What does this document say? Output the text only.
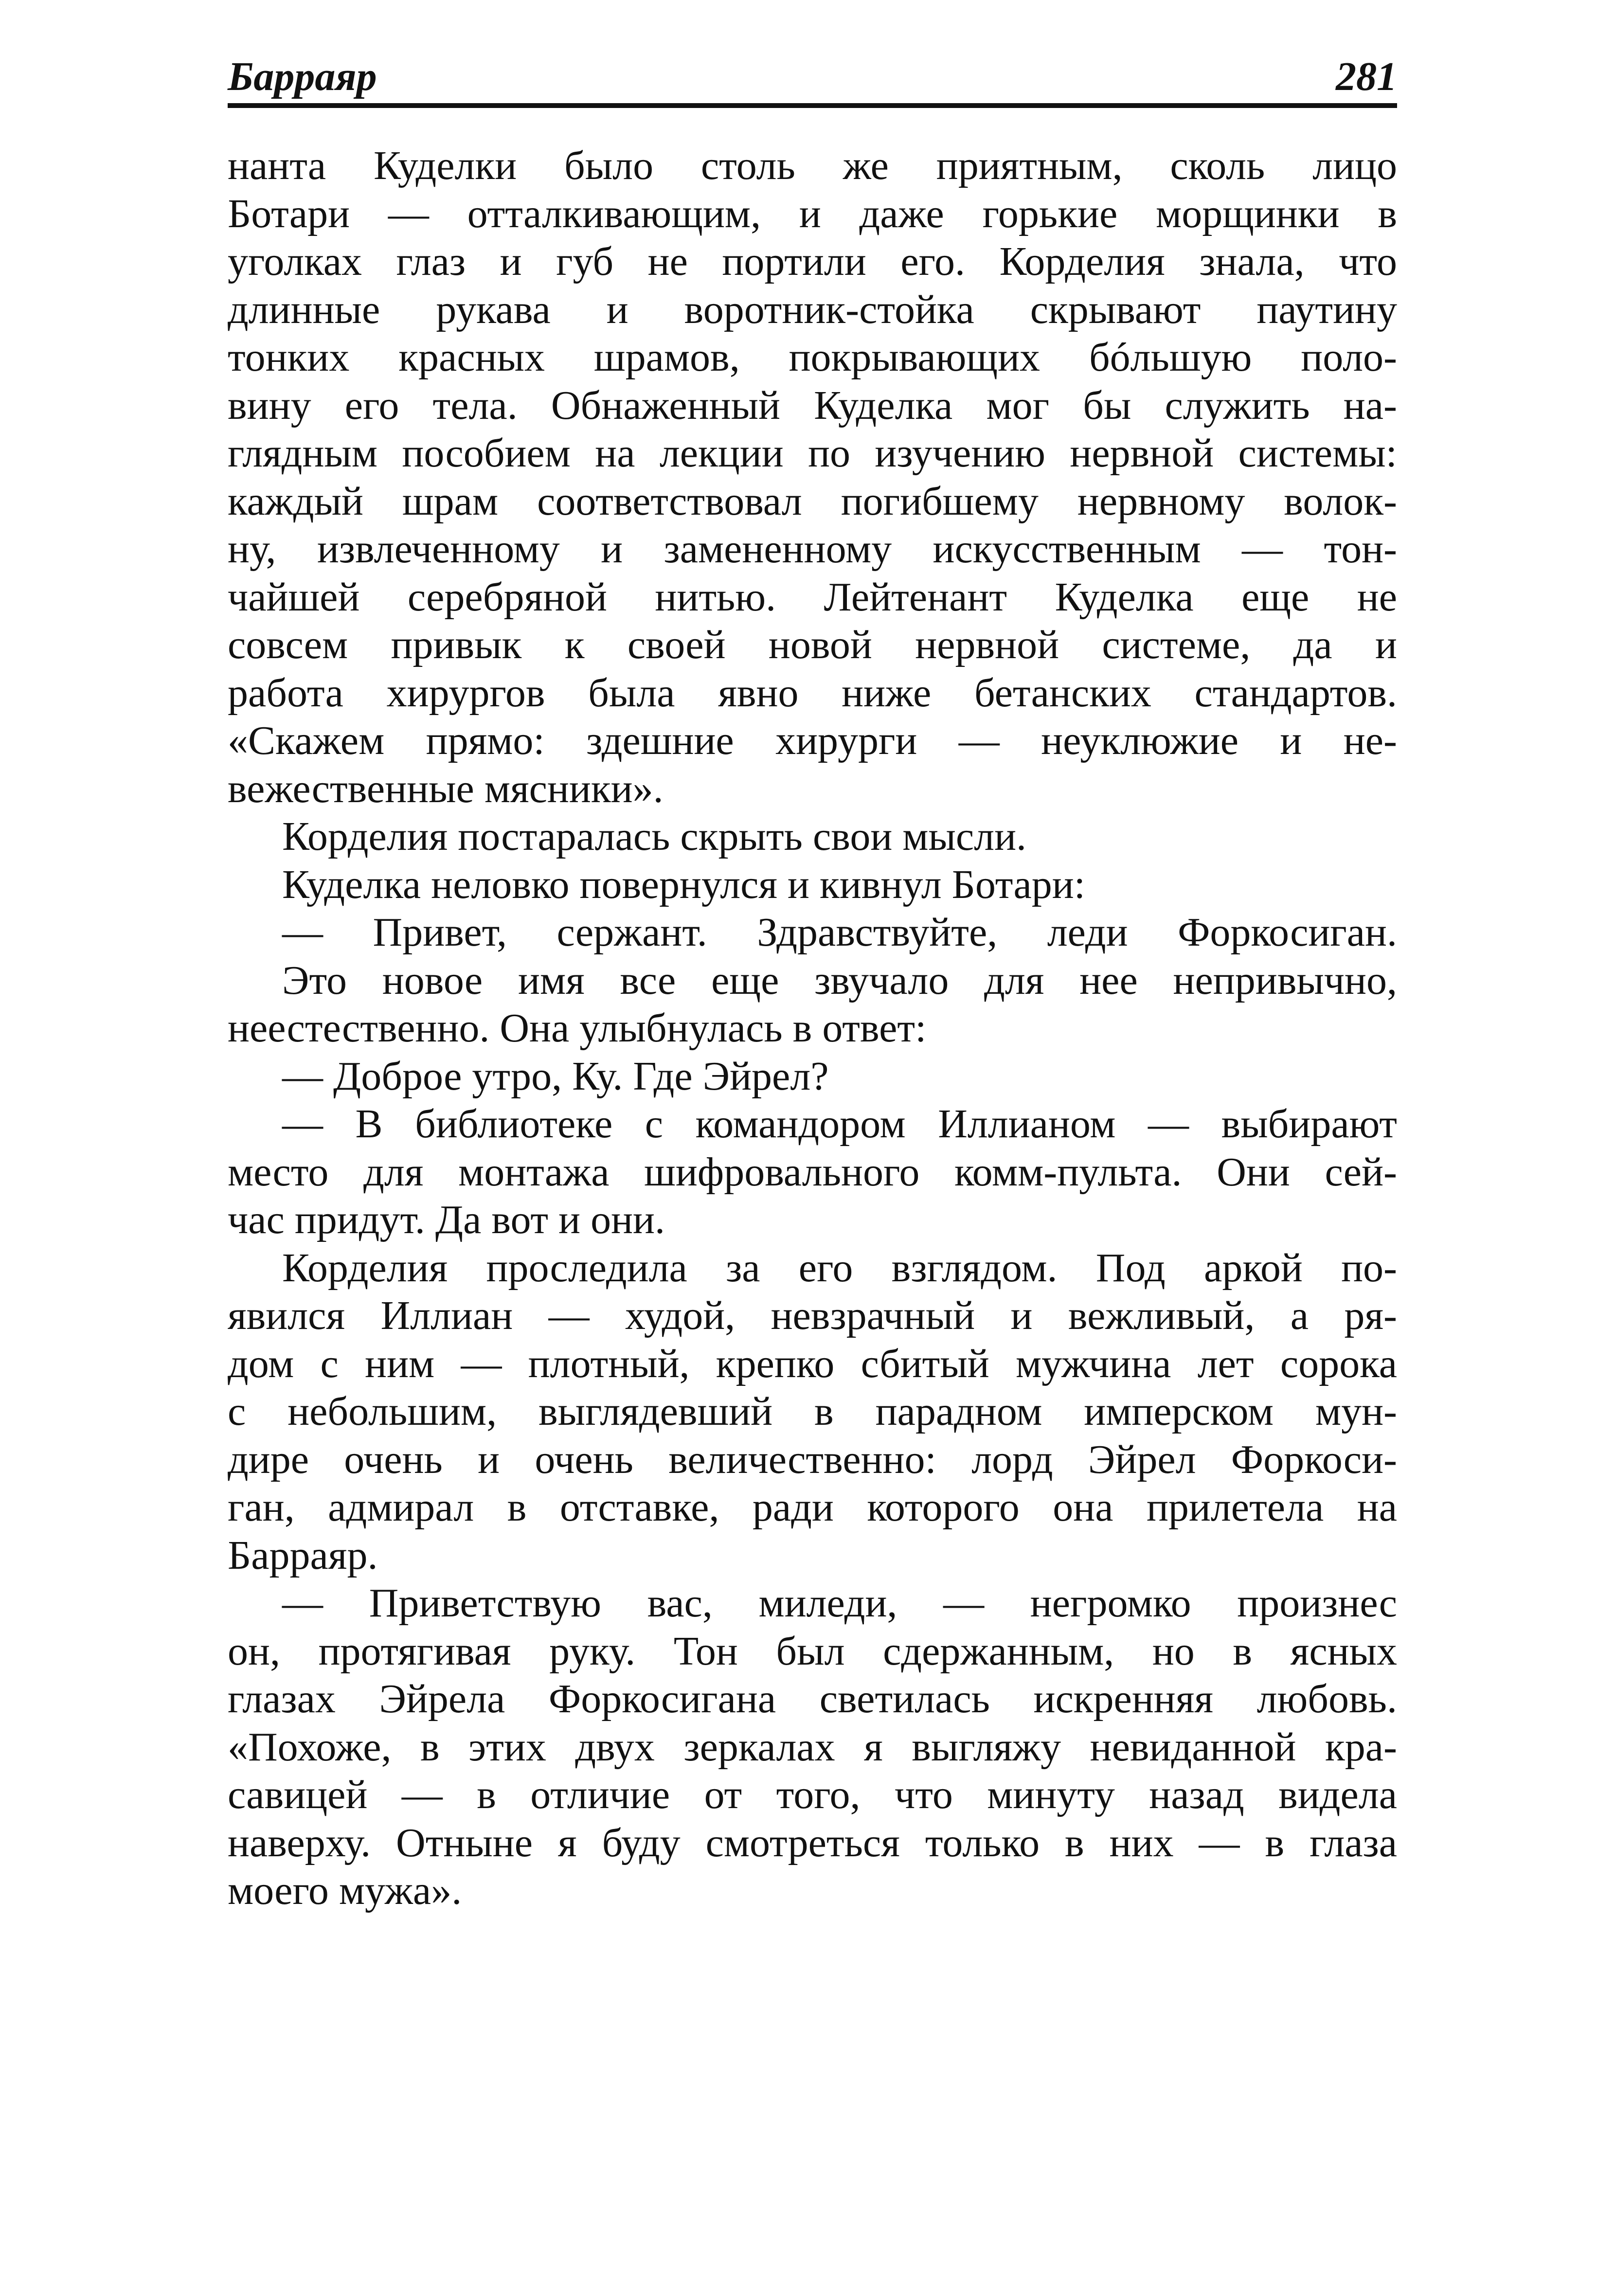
Барраяр	281
нанта Куделки было столь же приятным, сколь лицо
Ботари — отталкивающим, и даже горькие морщинки в
уголках глаз и губ не портили его. Корделия знала, что
длинные рукава и воротник-стойка скрывают паутину
тонких красных шрамов, покрывающих бóльшую поло-
вину его тела. Обнаженный Куделка мог бы служить на-
глядным пособием на лекции по изучению нервной системы:
каждый шрам соответствовал погибшему нервному волок-
ну, извлеченному и замененному искусственным — тон-
чайшей серебряной нитью. Лейтенант Куделка еще не
совсем привык к своей новой нервной системе, да и
работа хирургов была явно ниже бетанских стандартов.
«Скажем прямо: здешние хирурги — неуклюжие и не-
вежественные мясники».
Корделия постаралась скрыть свои мысли.
Куделка неловко повернулся и кивнул Ботари:
— Привет, сержант. Здравствуйте, леди Форкосиган.
Это новое имя все еще звучало для нее непривычно,
неестественно. Она улыбнулась в ответ:
— Доброе утро, Ку. Где Эйрел?
— В библиотеке с командором Иллианом — выбирают
место для монтажа шифровального комм-пульта. Они сей-
час придут. Да вот и они.
Корделия проследила за его взглядом. Под аркой по-
явился Иллиан — худой, невзрачный и вежливый, а ря-
дом с ним — плотный, крепко сбитый мужчина лет сорока
с небольшим, выглядевший в парадном имперском мун-
дире очень и очень величественно: лорд Эйрел Форкоси-
ган, адмирал в отставке, ради которого она прилетела на
Барраяр.
— Приветствую вас, миледи, — негромко произнес
он, протягивая руку. Тон был сдержанным, но в ясных
глазах Эйрела Форкосигана светилась искренняя любовь.
«Похоже, в этих двух зеркалах я выгляжу невиданной кра-
савицей — в отличие от того, что минуту назад видела
наверху. Отныне я буду смотреться только в них — в глаза
моего мужа».
